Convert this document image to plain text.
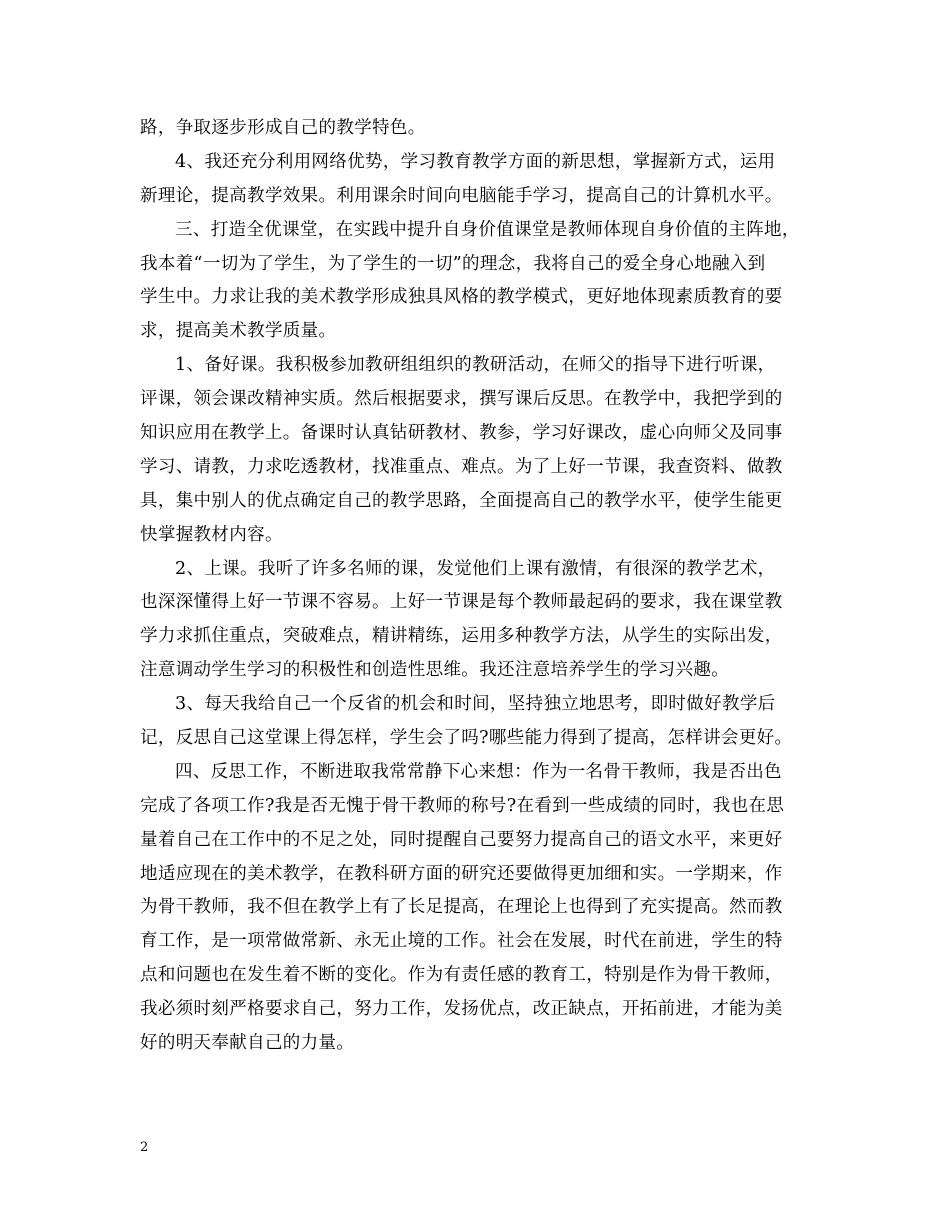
路，争取逐步形成自己的教学特色。
4、我还充分利用网络优势，学习教育教学方面的新思想，掌握新方式，运用
新理论，提高教学效果。利用课余时间向电脑能手学习，提高自己的计算机水平。
三、打造全优课堂，在实践中提升自身价值课堂是教师体现自身价值的主阵地，
我本着“一切为了学生，为了学生的一切”的理念，我将自己的爱全身心地融入到
学生中。力求让我的美术教学形成独具风格的教学模式，更好地体现素质教育的要
求，提高美术教学质量。
1、备好课。我积极参加教研组组织的教研活动，在师父的指导下进行听课，
评课，领会课改精神实质。然后根据要求，撰写课后反思。在教学中，我把学到的
知识应用在教学上。备课时认真钻研教材、教参，学习好课改，虚心向师父及同事
学习、请教，力求吃透教材，找准重点、难点。为了上好一节课，我查资料、做教
具，集中别人的优点确定自己的教学思路，全面提高自己的教学水平，使学生能更
快掌握教材内容。
2、上课。我听了许多名师的课，发觉他们上课有激情，有很深的教学艺术，
也深深懂得上好一节课不容易。上好一节课是每个教师最起码的要求，我在课堂教
学力求抓住重点，突破难点，精讲精练，运用多种教学方法，从学生的实际出发，
注意调动学生学习的积极性和创造性思维。我还注意培养学生的学习兴趣。
3、每天我给自己一个反省的机会和时间，坚持独立地思考，即时做好教学后
记，反思自己这堂课上得怎样，学生会了吗?哪些能力得到了提高，怎样讲会更好。
四、反思工作，不断进取我常常静下心来想：作为一名骨干教师，我是否出色
完成了各项工作?我是否无愧于骨干教师的称号?在看到一些成绩的同时，我也在思
量着自己在工作中的不足之处，同时提醒自己要努力提高自己的语文水平，来更好
地适应现在的美术教学，在教科研方面的研究还要做得更加细和实。一学期来，作
为骨干教师，我不但在教学上有了长足提高，在理论上也得到了充实提高。然而教
育工作，是一项常做常新、永无止境的工作。社会在发展，时代在前进，学生的特
点和问题也在发生着不断的变化。作为有责任感的教育工，特别是作为骨干教师，
我必须时刻严格要求自己，努力工作，发扬优点，改正缺点，开拓前进，才能为美
好的明天奉献自己的力量。
2
